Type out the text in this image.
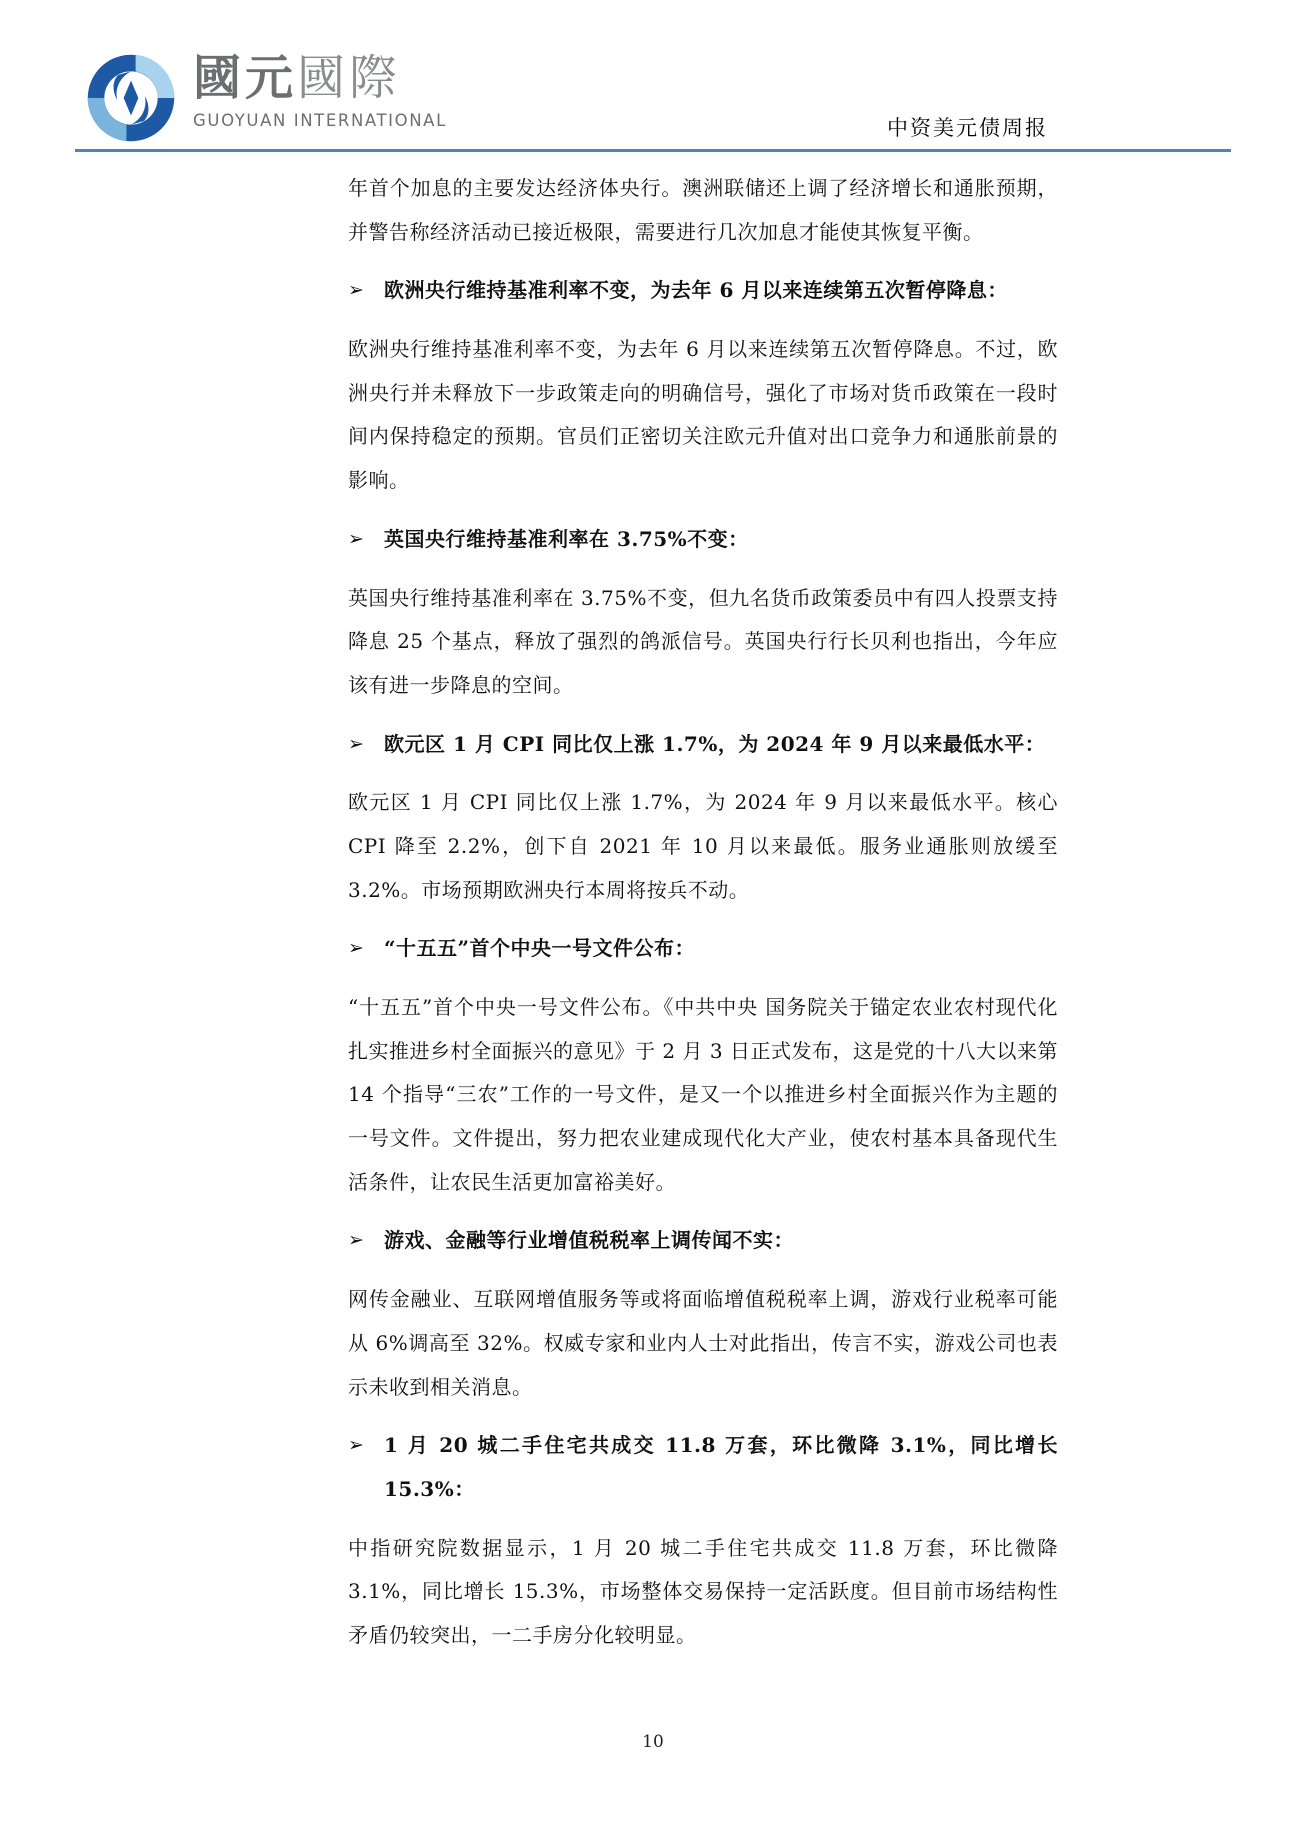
國元國際
GUOYUAN INTERNATIONAL	中资美元债周报

年首个加息的主要发达经济体央行。澳洲联储还上调了经济增长和通胀预期，并警告称经济活动已接近极限，需要进行几次加息才能使其恢复平衡。

➢ 欧洲央行维持基准利率不变，为去年 6 月以来连续第五次暂停降息：

欧洲央行维持基准利率不变，为去年 6 月以来连续第五次暂停降息。不过，欧洲央行并未释放下一步政策走向的明确信号，强化了市场对货币政策在一段时间内保持稳定的预期。官员们正密切关注欧元升值对出口竞争力和通胀前景的影响。

➢ 英国央行维持基准利率在 3.75%不变：

英国央行维持基准利率在 3.75%不变，但九名货币政策委员中有四人投票支持降息 25 个基点，释放了强烈的鸽派信号。英国央行行长贝利也指出，今年应该有进一步降息的空间。

➢ 欧元区 1 月 CPI 同比仅上涨 1.7%，为 2024 年 9 月以来最低水平：

欧元区 1 月 CPI 同比仅上涨 1.7%，为 2024 年 9 月以来最低水平。核心 CPI 降至 2.2%，创下自 2021 年 10 月以来最低。服务业通胀则放缓至 3.2%。市场预期欧洲央行本周将按兵不动。

➢ “十五五”首个中央一号文件公布：

“十五五”首个中央一号文件公布。《中共中央 国务院关于锚定农业农村现代化 扎实推进乡村全面振兴的意见》于 2 月 3 日正式发布，这是党的十八大以来第 14 个指导“三农”工作的一号文件，是又一个以推进乡村全面振兴作为主题的一号文件。文件提出，努力把农业建成现代化大产业，使农村基本具备现代生活条件，让农民生活更加富裕美好。

➢ 游戏、金融等行业增值税税率上调传闻不实：

网传金融业、互联网增值服务等或将面临增值税税率上调，游戏行业税率可能从 6%调高至 32%。权威专家和业内人士对此指出，传言不实，游戏公司也表示未收到相关消息。

➢ 1 月 20 城二手住宅共成交 11.8 万套，环比微降 3.1%，同比增长 15.3%：

中指研究院数据显示，1 月 20 城二手住宅共成交 11.8 万套，环比微降 3.1%，同比增长 15.3%，市场整体交易保持一定活跃度。但目前市场结构性矛盾仍较突出，一二手房分化较明显。

10
